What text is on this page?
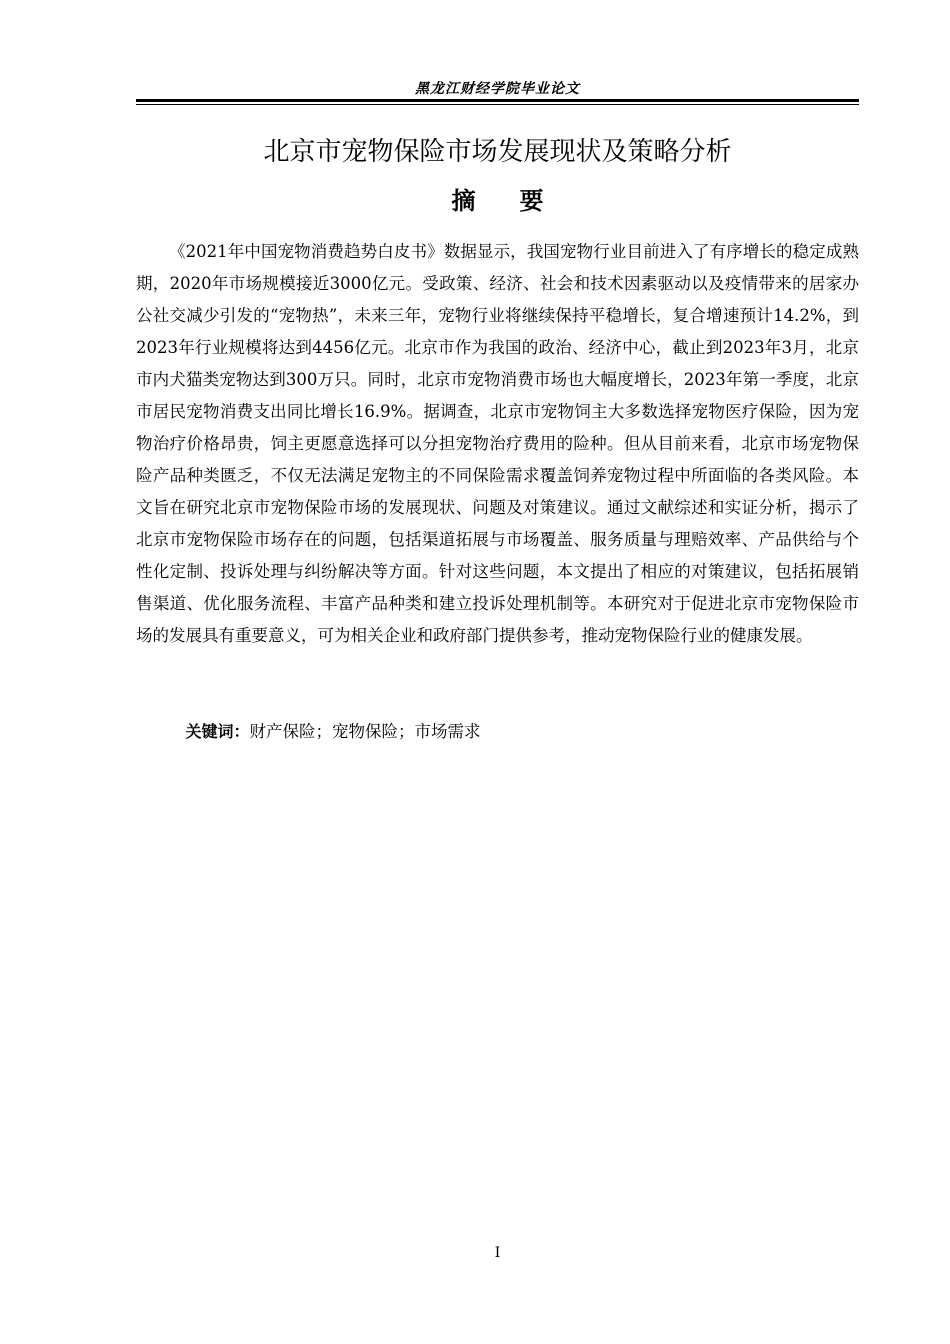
黑龙江财经学院毕业论文
北京市宠物保险市场发展现状及策略分析
摘 要

《2021年中国宠物消费趋势白皮书》数据显示，我国宠物行业目前进入了有序增长的稳定成熟期，2020年市场规模接近3000亿元。受政策、经济、社会和技术因素驱动以及疫情带来的居家办公社交减少引发的“宠物热”，未来三年，宠物行业将继续保持平稳增长，复合增速预计14.2%，到2023年行业规模将达到4456亿元。北京市作为我国的政治、经济中心，截止到2023年3月，北京市内犬猫类宠物达到300万只。同时，北京市宠物消费市场也大幅度增长，2023年第一季度，北京市居民宠物消费支出同比增长16.9%。据调查，北京市宠物饲主大多数选择宠物医疗保险，因为宠物治疗价格昂贵，饲主更愿意选择可以分担宠物治疗费用的险种。但从目前来看，北京市场宠物保险产品种类匮乏，不仅无法满足宠物主的不同保险需求覆盖饲养宠物过程中所面临的各类风险。本文旨在研究北京市宠物保险市场的发展现状、问题及对策建议。通过文献综述和实证分析，揭示了北京市宠物保险市场存在的问题，包括渠道拓展与市场覆盖、服务质量与理赔效率、产品供给与个性化定制、投诉处理与纠纷解决等方面。针对这些问题，本文提出了相应的对策建议，包括拓展销售渠道、优化服务流程、丰富产品种类和建立投诉处理机制等。本研究对于促进北京市宠物保险市场的发展具有重要意义，可为相关企业和政府部门提供参考，推动宠物保险行业的健康发展。

关键词：财产保险；宠物保险；市场需求

I
